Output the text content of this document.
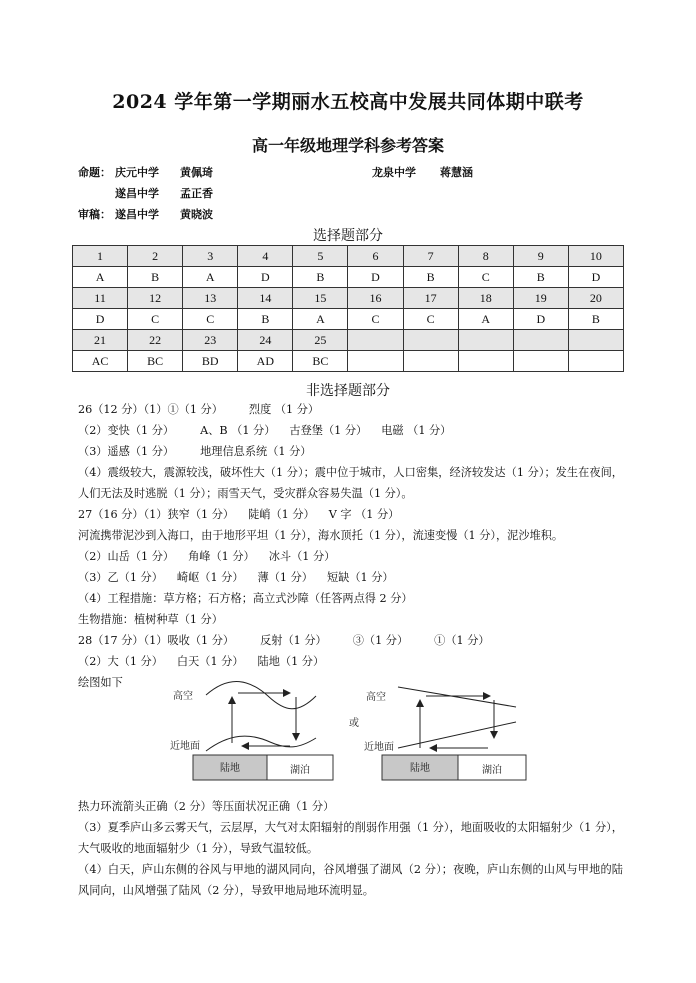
2024 学年第一学期丽水五校高中发展共同体期中联考
高一年级地理学科参考答案
命题： 庆元中学 黄佩琦	龙泉中学 蒋慧涵
遂昌中学 孟正香
审稿： 遂昌中学 黄晓波
选择题部分
1	2	3	4	5	6	7	8	9	10
A	B	A	D	B	D	B	C	B	D
11	12	13	14	15	16	17	18	19	20
D	C	C	B	A	C	C	A	D	B
21	22	23	24	25					
AC	BC	BD	AD	BC					
非选择题部分

26（12 分）（1）①（1 分） 烈度 （1 分）

（2）变快（1 分） A、B （1 分） 古登堡（1 分） 电磁 （1 分）

（3）遥感（1 分） 地理信息系统（1 分）

（4）震级较大，震源较浅，破坏性大（1 分）；震中位于城市，人口密集，经济较发达（1 分）；发生在夜间，人们无法及时逃脱（1 分）；雨雪天气，受灾群众容易失温（1 分）。

27（16 分）（1）狭窄（1 分） 陡峭（1 分） V 字 （1 分）

河流携带泥沙到入海口，由于地形平坦（1 分），海水顶托（1 分），流速变慢（1 分），泥沙堆积。

（2）山岳（1 分） 角峰（1 分） 冰斗（1 分）

（3）乙（1 分） 崎岖（1 分） 薄（1 分） 短缺（1 分）

（4）工程措施：草方格；石方格；高立式沙障（任答两点得 2 分）

生物措施：植树种草（1 分）

28（17 分）（1）吸收（1 分） 反射（1 分） ③（1 分） ①（1 分）

（2）大（1 分） 白天（1 分） 陆地（1 分）

绘图如下

高空
近地面
陆地	湖泊
或
高空
近地面
陆地	湖泊

热力环流箭头正确（2 分）等压面状况正确（1 分）

（3）夏季庐山多云雾天气，云层厚，大气对太阳辐射的削弱作用强（1 分），地面吸收的太阳辐射少（1 分），大气吸收的地面辐射少（1 分），导致气温较低。

（4）白天，庐山东侧的谷风与甲地的湖风同向，谷风增强了湖风（2 分）；夜晚，庐山东侧的山风与甲地的陆风同向，山风增强了陆风（2 分），导致甲地局地环流明显。
